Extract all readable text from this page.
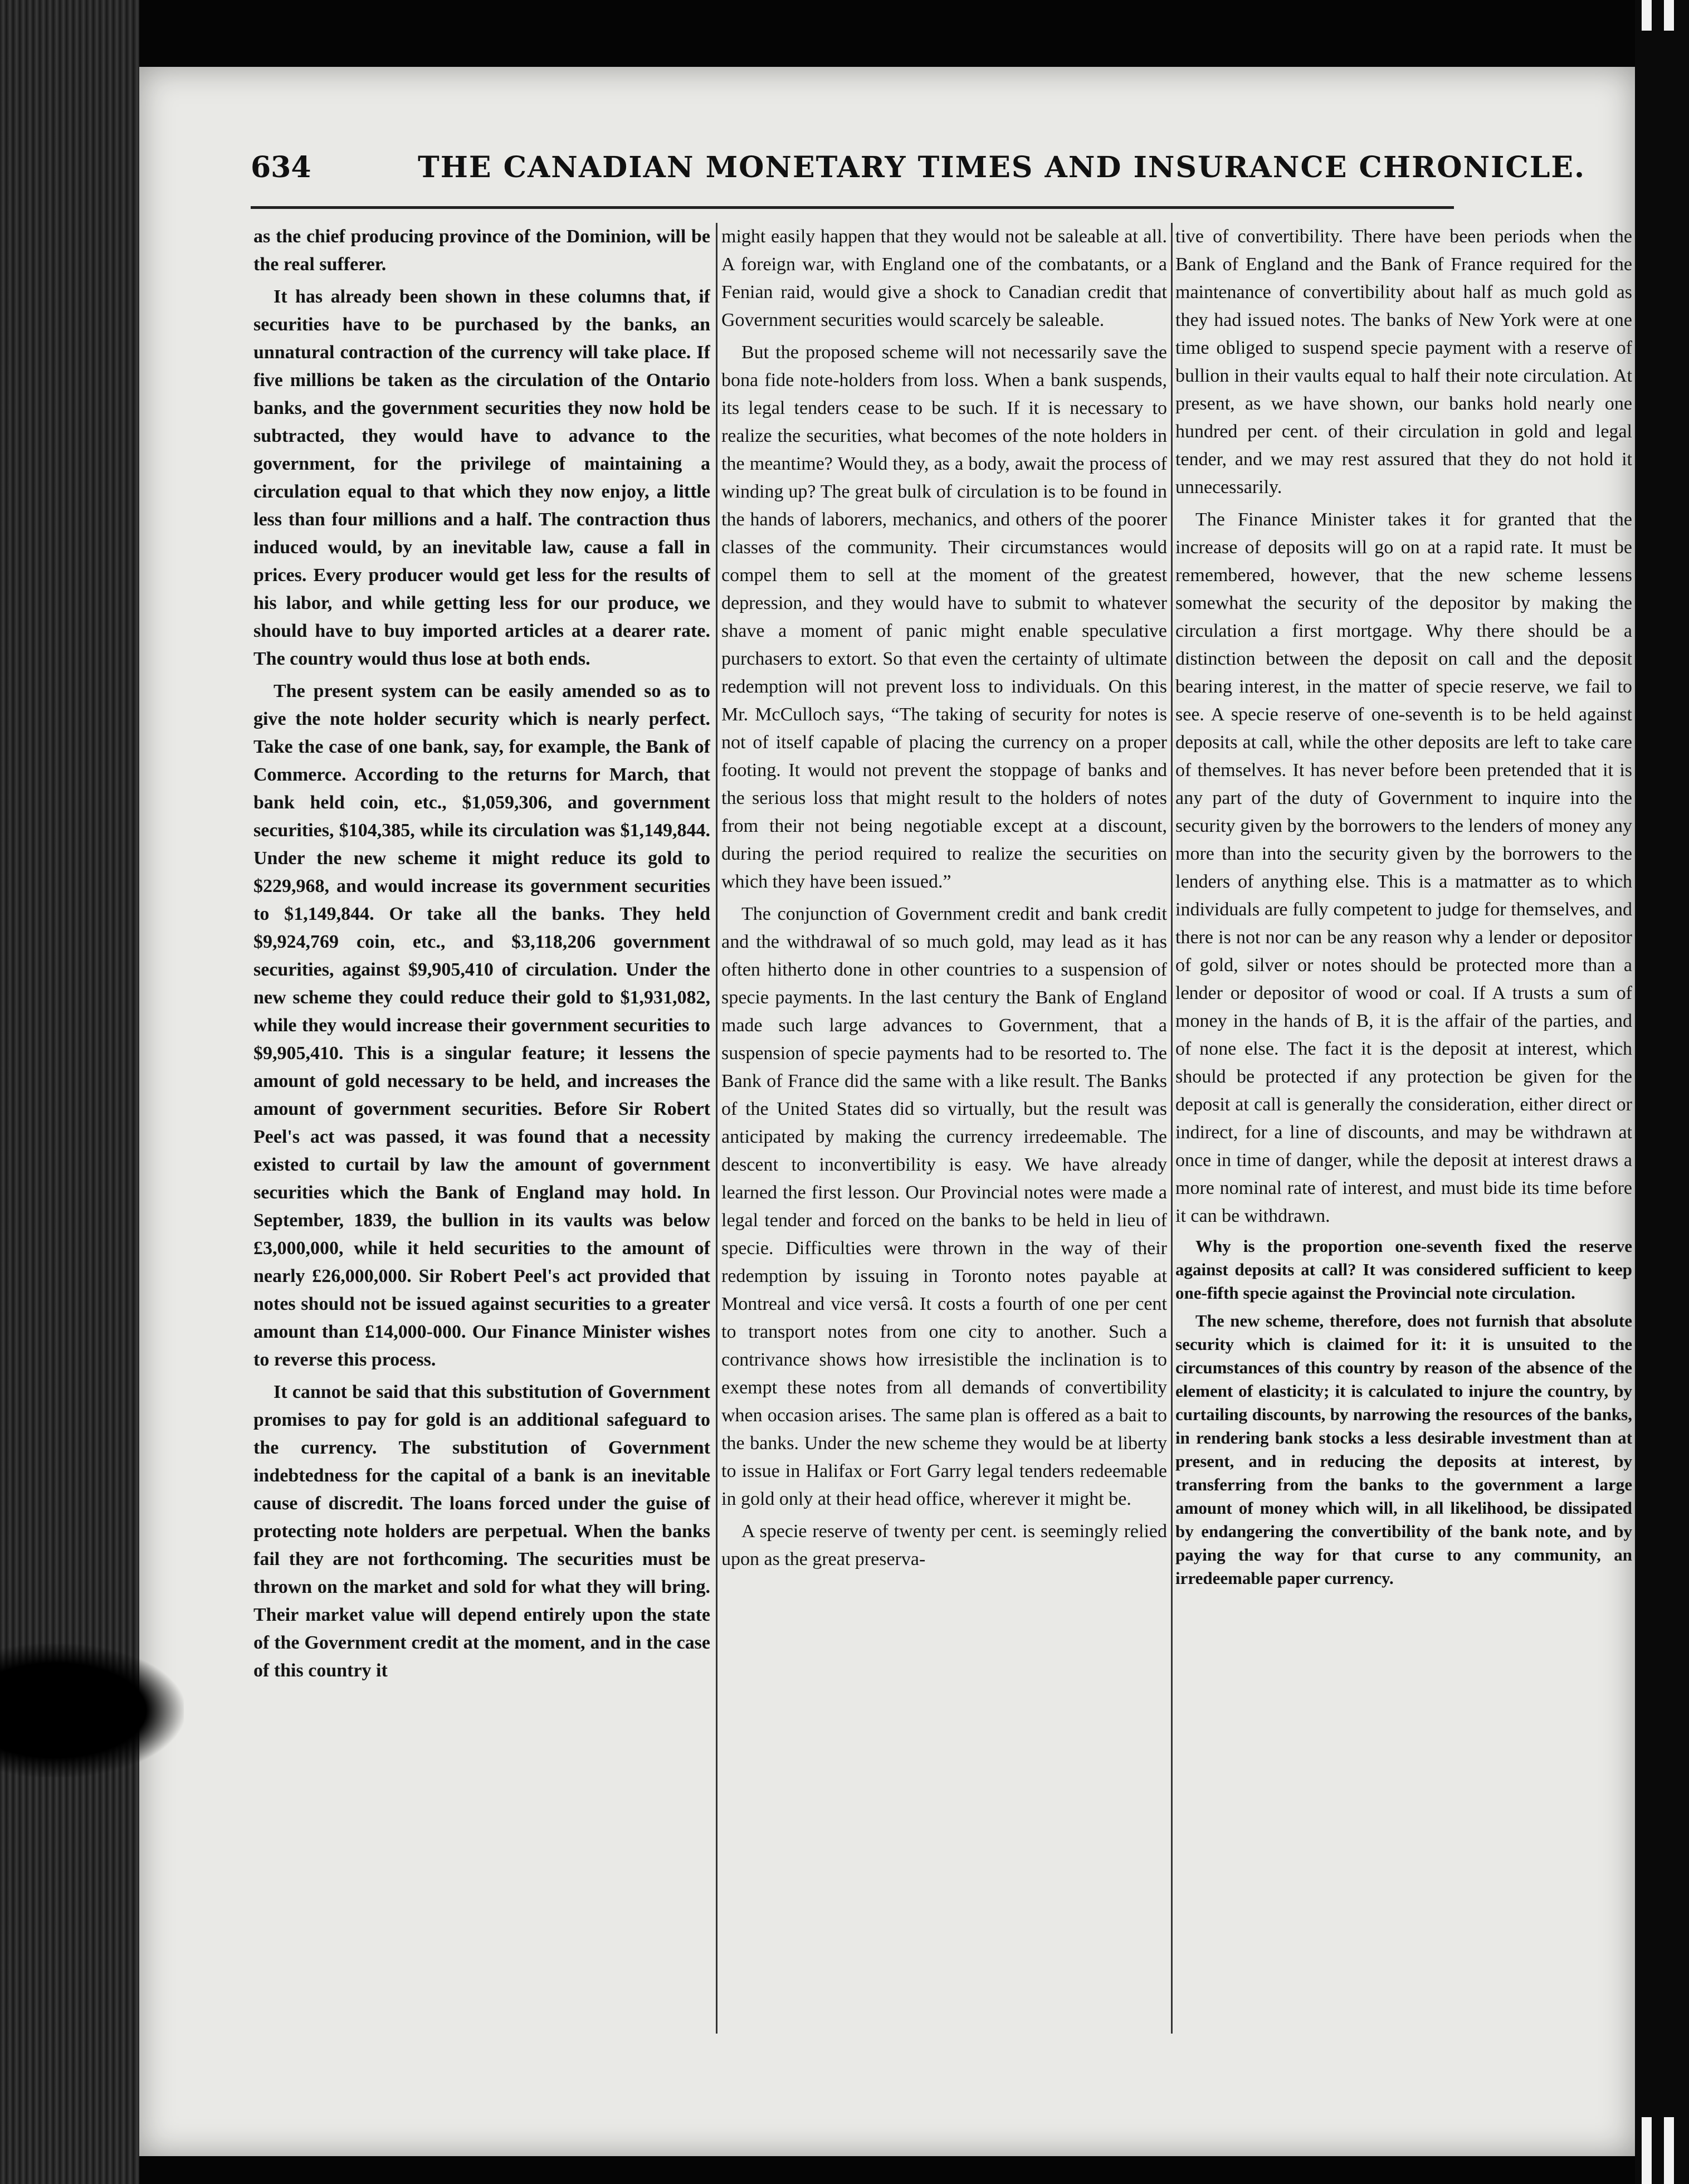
634	THE CANADIAN MONETARY TIMES AND INSURANCE CHRONICLE.

as the chief producing province of the Dominion, will be the real sufferer.

It has already been shown in these columns that, if securities have to be purchased by the banks, an unnatural contraction of the currency will take place. If five millions be taken as the circulation of the Ontario banks, and the government securities they now hold be subtracted, they would have to advance to the government, for the privilege of maintaining a circulation equal to that which they now enjoy, a little less than four millions and a half. The contraction thus induced would, by an inevitable law, cause a fall in prices. Every producer would get less for the results of his labor, and while getting less for our produce, we should have to buy imported articles at a dearer rate. The country would thus lose at both ends.

The present system can be easily amended so as to give the note holder security which is nearly perfect. Take the case of one bank, say, for example, the Bank of Commerce. According to the returns for March, that bank held coin, etc., $1,059,306, and government securities, $104,385, while its circulation was $1,149,844. Under the new scheme it might reduce its gold to $229,968, and would increase its government securities to $1,149,844. Or take all the banks. They held $9,924,769 coin, etc., and $3,118,206 government securities, against $9,905,410 of circulation. Under the new scheme they could reduce their gold to $1,931,082, while they would increase their government securities to $9,905,410. This is a singular feature; it lessens the amount of gold necessary to be held, and increases the amount of government securities. Before Sir Robert Peel's act was passed, it was found that a necessity existed to curtail by law the amount of government securities which the Bank of England may hold. In September, 1839, the bullion in its vaults was below £3,000,000, while it held securities to the amount of nearly £26,000,000. Sir Robert Peel's act provided that notes should not be issued against securities to a greater amount than £14,000-000. Our Finance Minister wishes to reverse this process.

It cannot be said that this substitution of Government promises to pay for gold is an additional safeguard to the currency. The substitution of Government indebtedness for the capital of a bank is an inevitable cause of discredit. The loans forced under the guise of protecting note holders are perpetual. When the banks fail they are not forthcoming. The securities must be thrown on the market and sold for what they will bring. Their market value will depend entirely upon the state of the Government credit at the moment, and in the case of this country it

might easily happen that they would not be saleable at all. A foreign war, with England one of the combatants, or a Fenian raid, would give a shock to Canadian credit that Government securities would scarcely be saleable.

But the proposed scheme will not necessarily save the bona fide note-holders from loss. When a bank suspends, its legal tenders cease to be such. If it is necessary to realize the securities, what becomes of the note holders in the meantime? Would they, as a body, await the process of winding up? The great bulk of circulation is to be found in the hands of laborers, mechanics, and others of the poorer classes of the community. Their circumstances would compel them to sell at the moment of the greatest depression, and they would have to submit to whatever shave a moment of panic might enable speculative purchasers to extort. So that even the certainty of ultimate redemption will not prevent loss to individuals. On this Mr. McCulloch says, “The taking of security for notes is not of itself capable of placing the currency on a proper footing. It would not prevent the stoppage of banks and the serious loss that might result to the holders of notes from their not being negotiable except at a discount, during the period required to realize the securities on which they have been issued.”

The conjunction of Government credit and bank credit and the withdrawal of so much gold, may lead as it has often hitherto done in other countries to a suspension of specie payments. In the last century the Bank of England made such large advances to Government, that a suspension of specie payments had to be resorted to. The Bank of France did the same with a like result. The Banks of the United States did so virtually, but the result was anticipated by making the currency irredeemable. The descent to inconvertibility is easy. We have already learned the first lesson. Our Provincial notes were made a legal tender and forced on the banks to be held in lieu of specie. Difficulties were thrown in the way of their redemption by issuing in Toronto notes payable at Montreal and vice versâ. It costs a fourth of one per cent to transport notes from one city to another. Such a contrivance shows how irresistible the inclination is to exempt these notes from all demands of convertibility when occasion arises. The same plan is offered as a bait to the banks. Under the new scheme they would be at liberty to issue in Halifax or Fort Garry legal tenders redeemable in gold only at their head office, wherever it might be.

A specie reserve of twenty per cent. is seemingly relied upon as the great preserva-

tive of convertibility. There have been periods when the Bank of England and the Bank of France required for the maintenance of convertibility about half as much gold as they had issued notes. The banks of New York were at one time obliged to suspend specie payment with a reserve of bullion in their vaults equal to half their note circulation. At present, as we have shown, our banks hold nearly one hundred per cent. of their circulation in gold and legal tender, and we may rest assured that they do not hold it unnecessarily.

The Finance Minister takes it for granted that the increase of deposits will go on at a rapid rate. It must be remembered, however, that the new scheme lessens somewhat the security of the depositor by making the circulation a first mortgage. Why there should be a distinction between the deposit on call and the deposit bearing interest, in the matter of specie reserve, we fail to see. A specie reserve of one-seventh is to be held against deposits at call, while the other deposits are left to take care of themselves. It has never before been pretended that it is any part of the duty of Government to inquire into the security given by the borrowers to the lenders of money any more than into the security given by the borrowers to the lenders of anything else. This is a matmatter as to which individuals are fully competent to judge for themselves, and there is not nor can be any reason why a lender or depositor of gold, silver or notes should be protected more than a lender or depositor of wood or coal. If A trusts a sum of money in the hands of B, it is the affair of the parties, and of none else. The fact it is the deposit at interest, which should be protected if any protection be given for the deposit at call is generally the consideration, either direct or indirect, for a line of discounts, and may be withdrawn at once in time of danger, while the deposit at interest draws a more nominal rate of interest, and must bide its time before it can be withdrawn.

Why is the proportion one-seventh fixed the reserve against deposits at call? It was considered sufficient to keep one-fifth specie against the Provincial note circulation.

The new scheme, therefore, does not furnish that absolute security which is claimed for it: it is unsuited to the circumstances of this country by reason of the absence of the element of elasticity; it is calculated to injure the country, by curtailing discounts, by narrowing the resources of the banks, in rendering bank stocks a less desirable investment than at present, and in reducing the deposits at interest, by transferring from the banks to the government a large amount of money which will, in all likelihood, be dissipated by endangering the convertibility of the bank note, and by paying the way for that curse to any community, an irredeemable paper currency.
